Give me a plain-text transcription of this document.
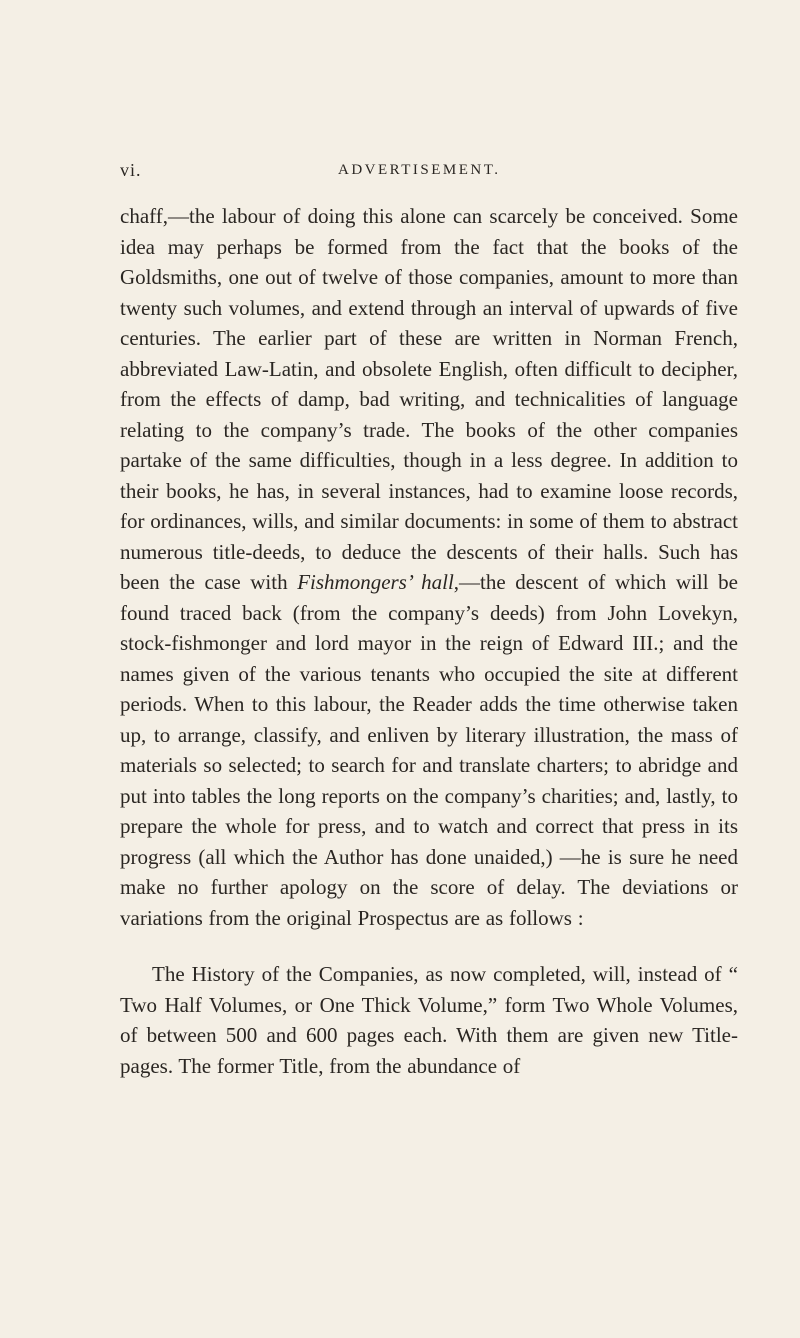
vi.	ADVERTISEMENT.

chaff,—the labour of doing this alone can scarcely be conceived. Some idea may perhaps be formed from the fact that the books of the Goldsmiths, one out of twelve of those companies, amount to more than twenty such volumes, and extend through an interval of upwards of five centuries. The earlier part of these are written in Norman French, abbreviated Law-Latin, and obsolete English, often difficult to decipher, from the effects of damp, bad writing, and technicalities of language relating to the company’s trade. The books of the other companies partake of the same difficulties, though in a less degree. In addition to their books, he has, in several instances, had to examine loose records, for ordinances, wills, and similar documents: in some of them to abstract numerous title-deeds, to deduce the descents of their halls. Such has been the case with Fishmongers’ hall,—the descent of which will be found traced back (from the company’s deeds) from John Lovekyn, stock-fishmonger and lord mayor in the reign of Edward III.; and the names given of the various tenants who occupied the site at different periods. When to this labour, the Reader adds the time otherwise taken up, to arrange, classify, and enliven by literary illustration, the mass of materials so selected; to search for and translate charters; to abridge and put into tables the long reports on the company’s charities; and, lastly, to prepare the whole for press, and to watch and correct that press in its progress (all which the Author has done unaided,) —he is sure he need make no further apology on the score of delay. The deviations or variations from the original Prospectus are as follows :

The History of the Companies, as now completed, will, instead of “ Two Half Volumes, or One Thick Volume,” form Two Whole Volumes, of between 500 and 600 pages each. With them are given new Title-pages. The former Title, from the abundance of
